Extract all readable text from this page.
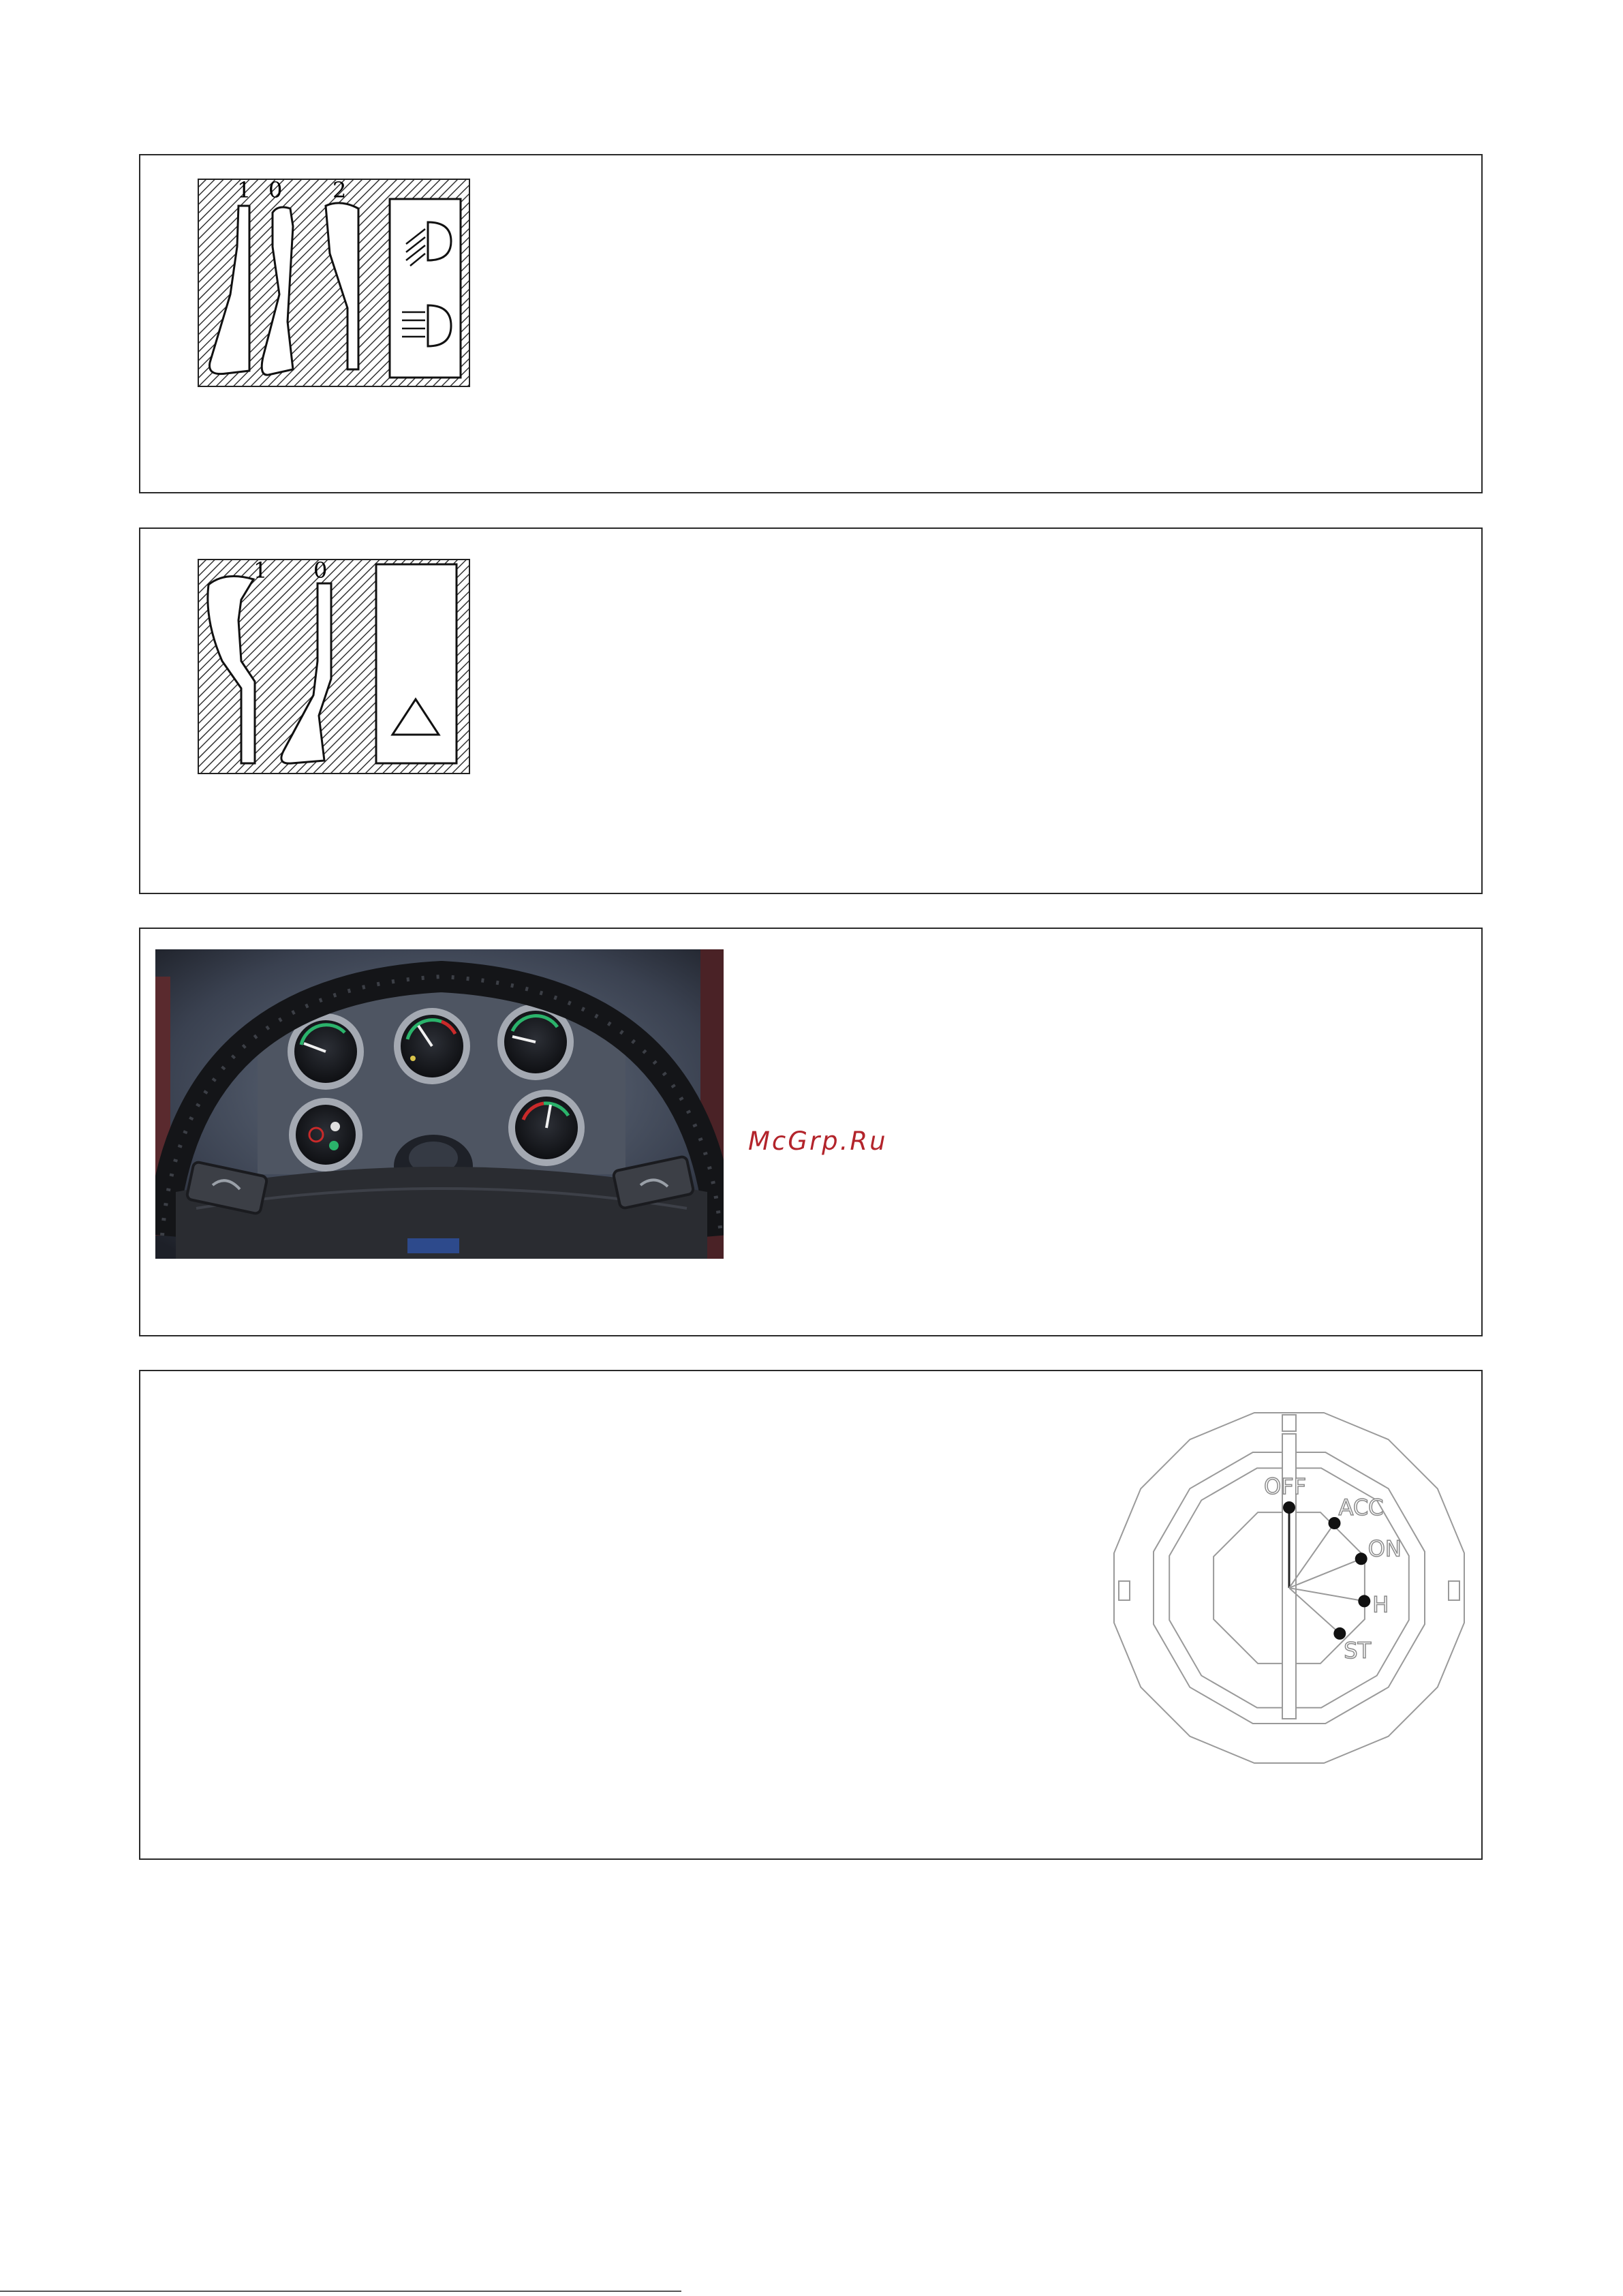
1 0 2
1 0
McGrp.Ru
OFF
ACC
ON
H
ST
